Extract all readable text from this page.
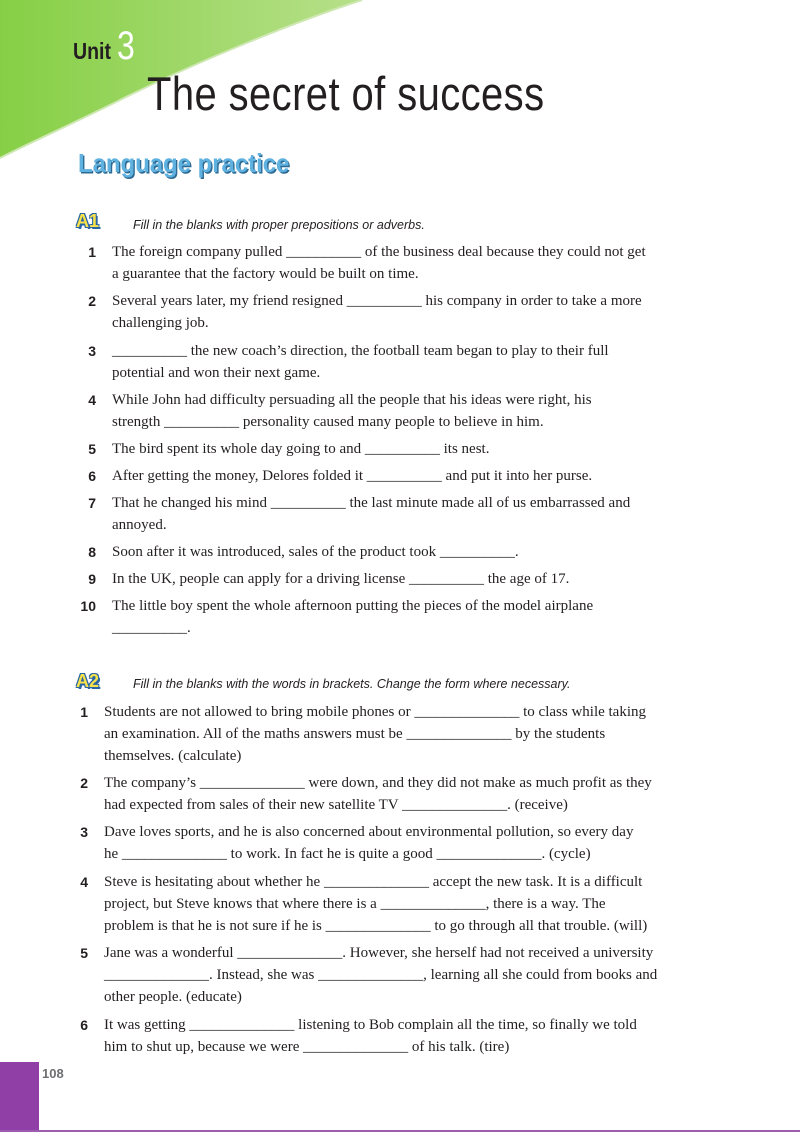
Unit 3
The secret of success
Language practice
A1	Fill in the blanks with proper prepositions or adverbs.
1 The foreign company pulled __________ of the business deal because they could not get
a guarantee that the factory would be built on time.
2 Several years later, my friend resigned __________ his company in order to take a more
challenging job.
3 __________ the new coach’s direction, the football team began to play to their full
potential and won their next game.
4 While John had difficulty persuading all the people that his ideas were right, his
strength __________ personality caused many people to believe in him.
5 The bird spent its whole day going to and __________ its nest.
6 After getting the money, Delores folded it __________ and put it into her purse.
7 That he changed his mind __________ the last minute made all of us embarrassed and
annoyed.
8 Soon after it was introduced, sales of the product took __________.
9 In the UK, people can apply for a driving license __________ the age of 17.
10 The little boy spent the whole afternoon putting the pieces of the model airplane
__________.
A2	Fill in the blanks with the words in brackets. Change the form where necessary.
1 Students are not allowed to bring mobile phones or ______________ to class while taking
an examination. All of the maths answers must be ______________ by the students
themselves. (calculate)
2 The company’s ______________ were down, and they did not make as much profit as they
had expected from sales of their new satellite TV ______________. (receive)
3 Dave loves sports, and he is also concerned about environmental pollution, so every day
he ______________ to work. In fact he is quite a good ______________. (cycle)
4 Steve is hesitating about whether he ______________ accept the new task. It is a difficult
project, but Steve knows that where there is a ______________, there is a way. The
problem is that he is not sure if he is ______________ to go through all that trouble. (will)
5 Jane was a wonderful ______________. However, she herself had not received a university
______________. Instead, she was ______________, learning all she could from books and
other people. (educate)
6 It was getting ______________ listening to Bob complain all the time, so finally we told
him to shut up, because we were ______________ of his talk. (tire)
108
